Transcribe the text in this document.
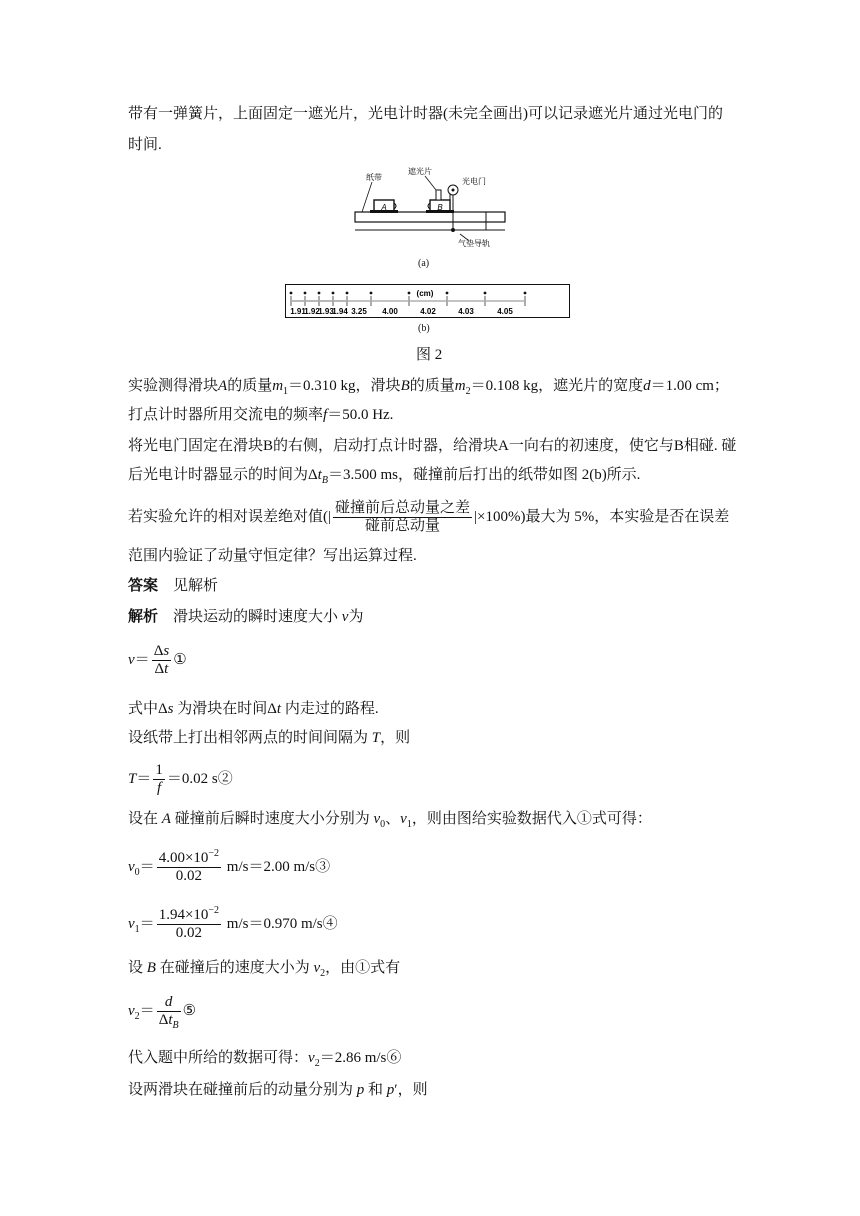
带有一弹簧片，上面固定一遮光片，光电计时器(未完全画出)可以记录遮光片通过光电门的
时间.
A	B
纸带
遮光片
光电门
气垫导轨
(a)
(cm)
1.91
1.92
1.93
1.94 3.25 4.00	4.02	4.03	4.05
(b)
图 2
实验测得滑块A的质量$m_1=0.310$ kg，滑块B的质量$m_2=0.108$ kg，遮光片的宽度d＝1.00 cm；
打点计时器所用交流电的频率f＝50.0 Hz.
将光电门固定在滑块B的右侧，启动打点计时器，给滑块A一向右的初速度，使它与B相碰. 碰
后光电计时器显示的时间为$\Delta t_B=3.500$ ms，碰撞前后打出的纸带如图 2(b)所示.
若实验允许的相对误差绝对值(| $\frac{\text{碰撞前后总动量之差}}{\text{碰前总动量}} |\times 100\%$)最大为 5%，本实验是否在误差
范围内验证了动量守恒定律？写出运算过程.
答案　 见解析
解析　滑块运动的瞬时速度大小 v为
$v= \frac{\Delta s}{\Delta t}$ ①
式中Δs 为滑块在时间Δt 内走过的路程.
设纸带上打出相邻两点的时间间隔为 T，则
$T= \frac{1}{f} =0.02$ s②
设在 A 碰撞前后瞬时速度大小分别为 $v_0$、$v_1$，则由图给实验数据代入①式可得：
$v_0= \frac{4.00\times 10^{-2}}{0.02} m/s=2.00$ m/s③
$v_1= \frac{1.94\times 10^{-2}}{0.02} m/s=0.970$ m/s④
设 B 在碰撞后的速度大小为 $v_2$，由①式有
$v_2= \frac{d}{\Delta t_B}$ ⑤
代入题中所给的数据可得：$v_2=2.86$ m/s⑥
设两滑块在碰撞前后的动量分别为 p 和 p′，则
